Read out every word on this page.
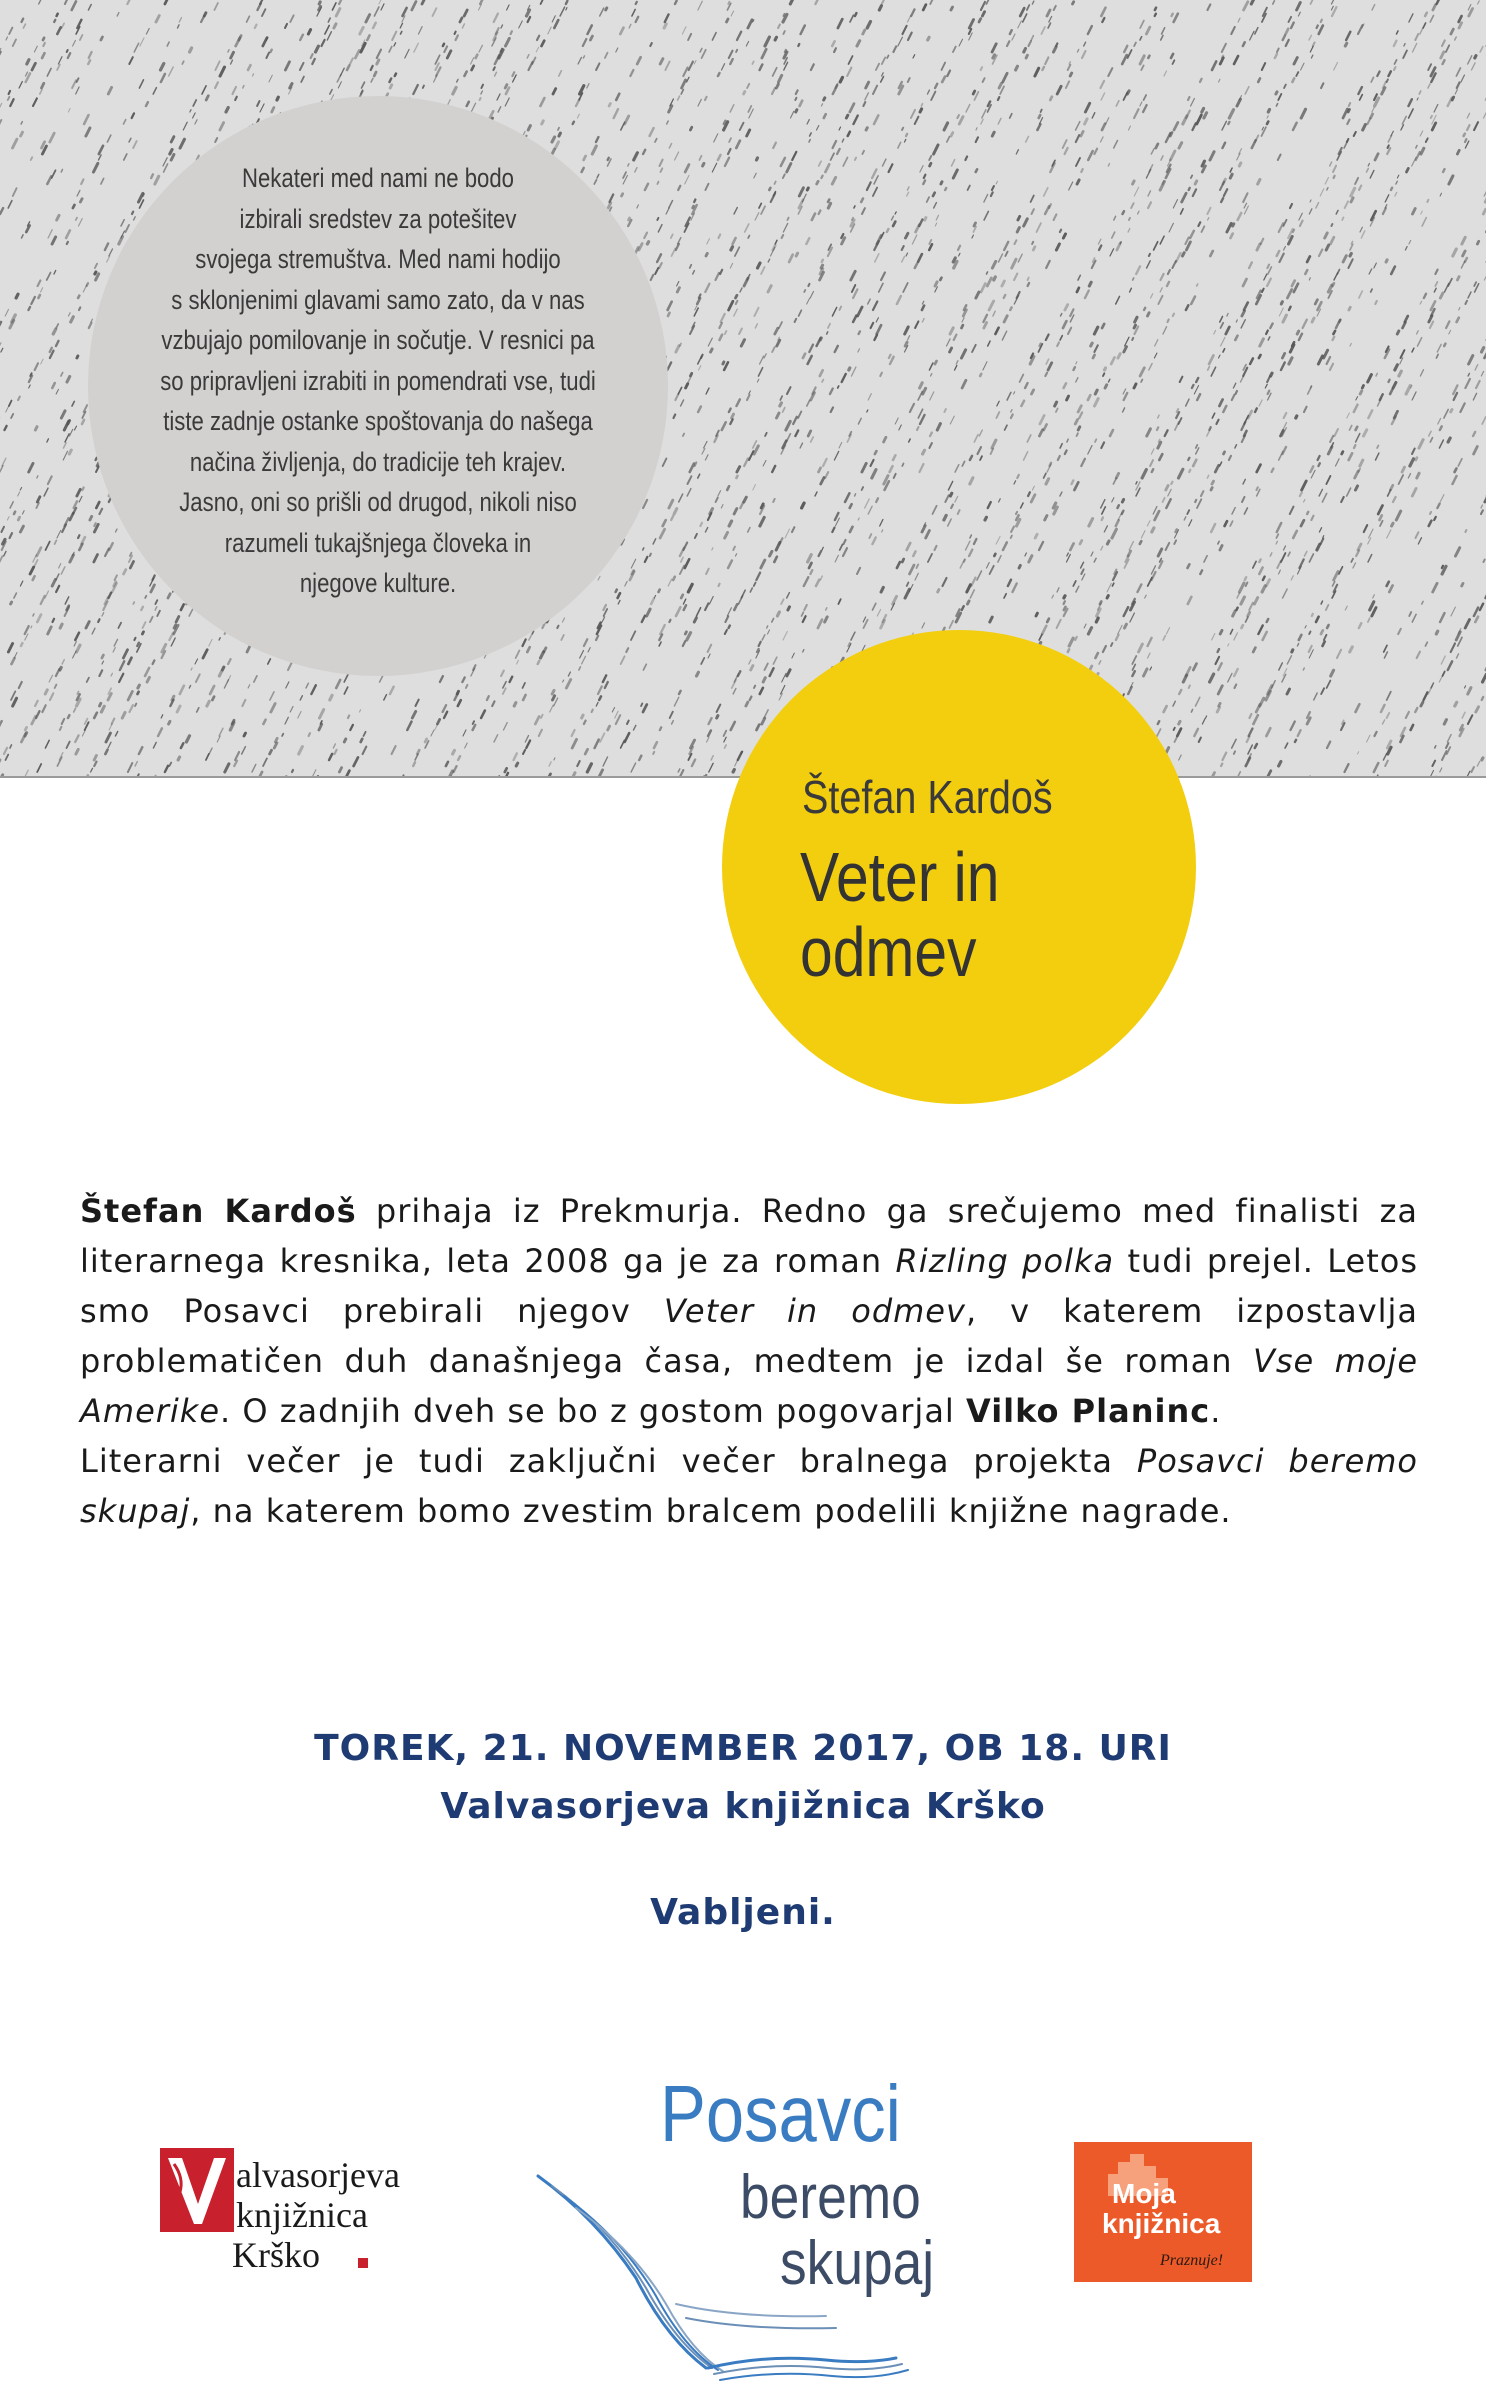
Nekateri med nami ne bodo
izbirali sredstev za potešitev
svojega stremuštva. Med nami hodijo
s sklonjenimi glavami samo zato, da v nas
vzbujajo pomilovanje in sočutje. V resnici pa
so pripravljeni izrabiti in pomendrati vse, tudi
tiste zadnje ostanke spoštovanja do našega
načina življenja, do tradicije teh krajev.
Jasno, oni so prišli od drugod, nikoli niso
razumeli tukajšnjega človeka in
njegove kulture.
Štefan Kardoš
Veter in
odmev
Štefan Kardoš prihaja iz Prekmurja. Redno ga srečujemo med finalisti za literarnega kresnika, leta 2008 ga je za roman Rizling polka tudi prejel. Letos smo Posavci prebirali njegov Veter in odmev, v katerem izpostavlja problematičen duh današnjega časa, medtem je izdal še roman Vse moje Amerike. O zadnjih dveh se bo z gostom pogovarjal Vilko Planinc.
Literarni večer je tudi zaključni večer bralnega projekta Posavci beremo skupaj, na katerem bomo zvestim bralcem podelili knjižne nagrade.
TOREK, 21. NOVEMBER 2017, OB 18. URI
Valvasorjeva knjižnica Krško
Vabljeni.
alvasorjeva
knjižnica
Krško
Posavci
beremo
skupaj
Moja
knjižnica
Praznuje!
